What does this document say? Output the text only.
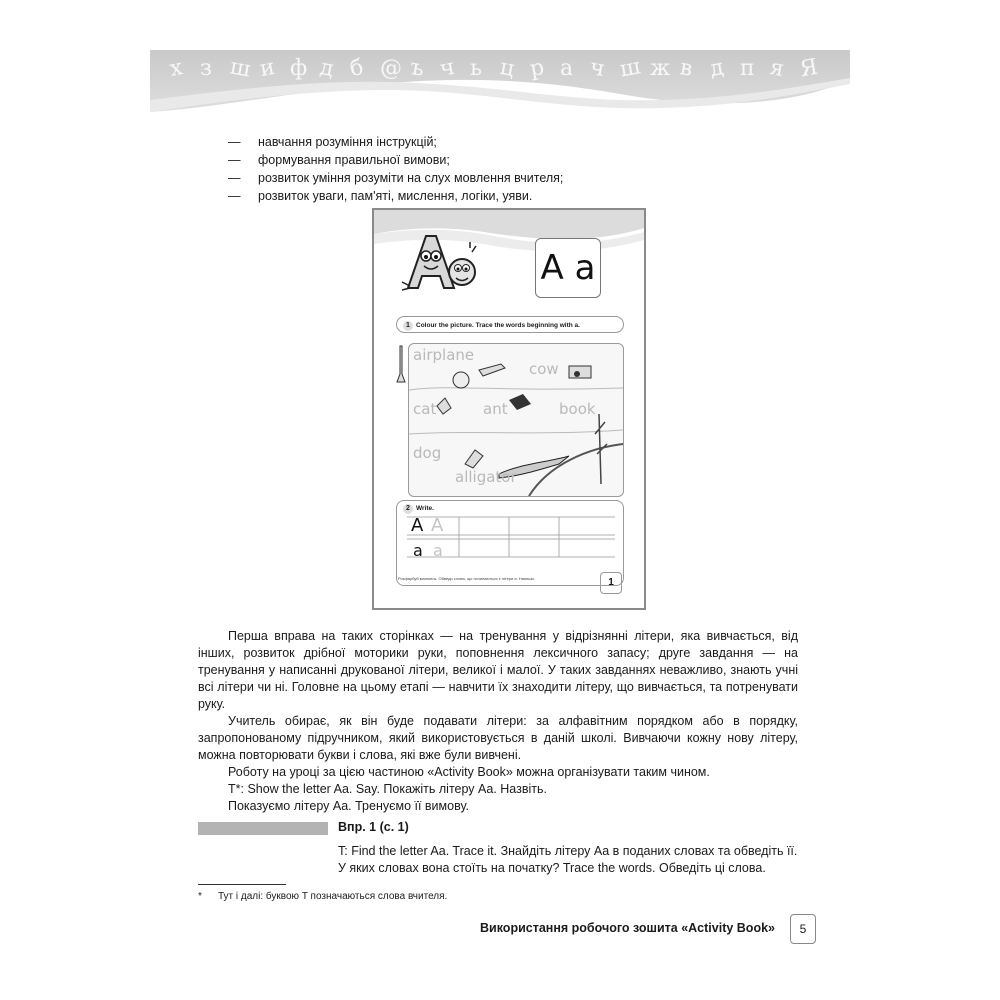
х з ш и ф д б @ ъ ч ь ц р а ч ш ж в д п я Я
—	навчання розуміння інструкцій;
—	формування правильної вимови;
—	розвиток уміння розуміти на слух мовлення вчителя;
—	розвиток уваги, пам'яті, мислення, логіки, уяви.
A a
1 Colour the picture. Trace the words beginning with a.
airplane
cow
cat	ant	book
dog
alligator
2 Write.
A A
a a
Розфарбуй малюнок. Обведи слова, що починаються з літери а. Напиши.	1

Перша вправа на таких сторінках — на тренування у відрізнянні літери, яка вивчається, від інших, розвиток дрібної моторики руки, поповнення лексичного запасу; друге завдання — на тренування у написанні друкованої літери, великої і малої. У таких завданнях неважливо, знають учні всі літери чи ні. Головне на цьому етапі — навчити їх знаходити літеру, що вивчається, та потренувати руку.

Учитель обирає, як він буде подавати літери: за алфавітним порядком або в порядку, запропонованому підручником, який використовується в даній школі. Вивчаючи кожну нову літеру, можна повторювати букви і слова, які вже були вивчені.

Роботу на уроці за цією частиною «Activity Book» можна організувати таким чином.

T*: Show the letter Aa. Say. Покажіть літеру Aa. Назвіть.

Показуємо літеру Aa. Тренуємо її вимову.

Впр. 1 (с. 1)

T: Find the letter Aa. Trace it. Знайдіть літеру Aa в поданих словах та обведіть її. У яких словах вона стоїть на початку? Trace the words. Обведіть ці слова.

* Тут і далі: буквою T позначаються слова вчителя.
Використання робочого зошита «Activity Book»	5
